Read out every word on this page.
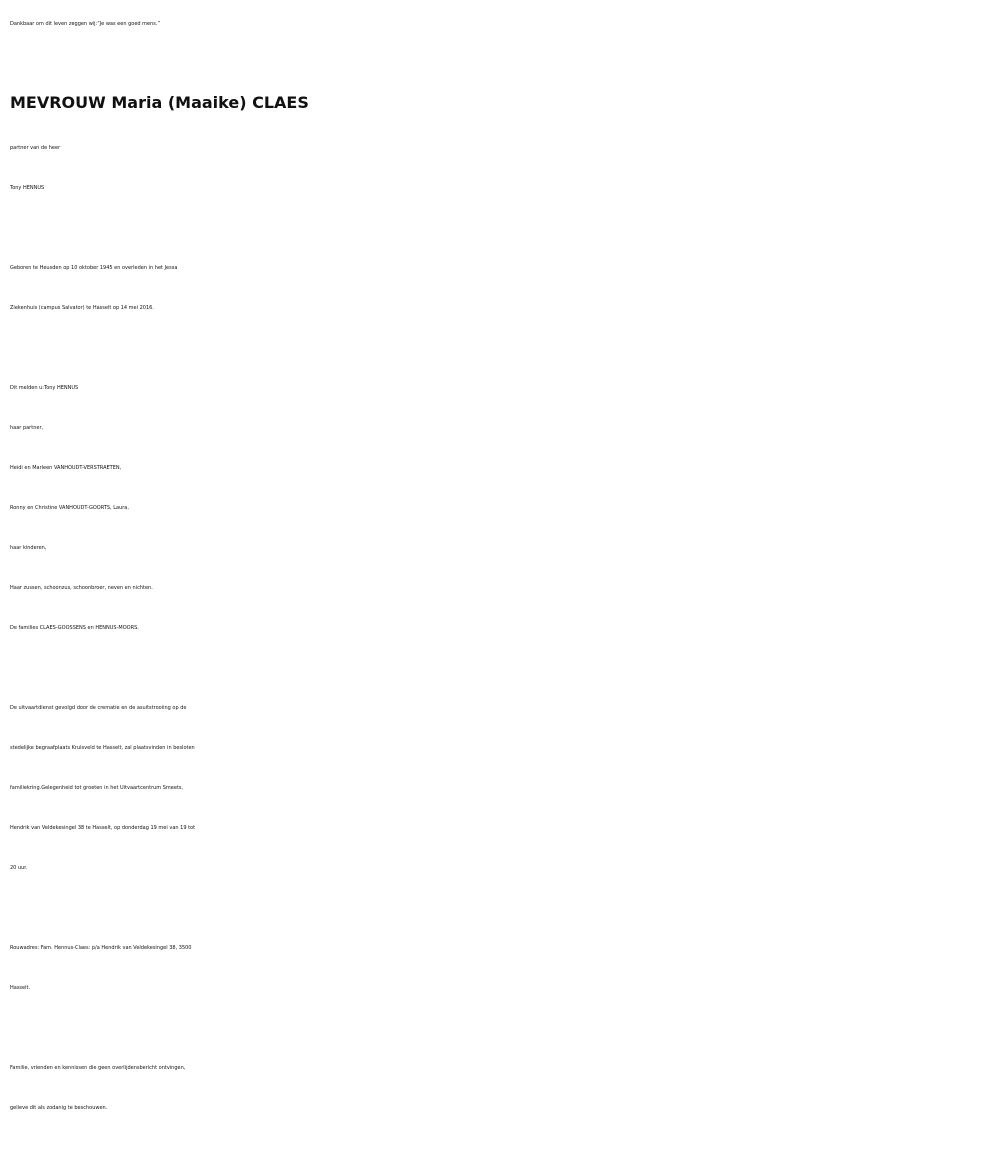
Dankbaar om dit leven zeggen wij:“Je was een goed mens.”
MEVROUW Maria (Maaike) CLAES
partner van de heer
Tony HENNUS
Geboren te Heusden op 10 oktober 1945 en overleden in het Jessa
Ziekenhuis (campus Salvator) te Hasselt op 14 mei 2016.
Dit melden u:Tony HENNUS
haar partner,
Heidi en Marleen VANHOUDT-VERSTRAETEN,
Ronny en Christine VANHOUDT-GOORTS, Laura,
haar kinderen,
Haar zussen, schoonzus, schoonbroer, neven en nichten.
De families CLAES-GOOSSENS en HENNUS-MOORS.
De uitvaartdienst gevolgd door de crematie en de asuitstrooiing op de
stedelijke begraafplaats Kruisveld te Hasselt, zal plaatsvinden in besloten
familiekring.Gelegenheid tot groeten in het Uitvaartcentrum Smeets,
Hendrik van Veldekesingel 38 te Hasselt, op donderdag 19 mei van 19 tot
20 uur.
Rouwadres: Fam. Hennus-Claes: p/a Hendrik van Veldekesingel 38, 3500
Hasselt.
Familie, vrienden en kennissen die geen overlijdensbericht ontvingen,
gelieve dit als zodanig te beschouwen.
